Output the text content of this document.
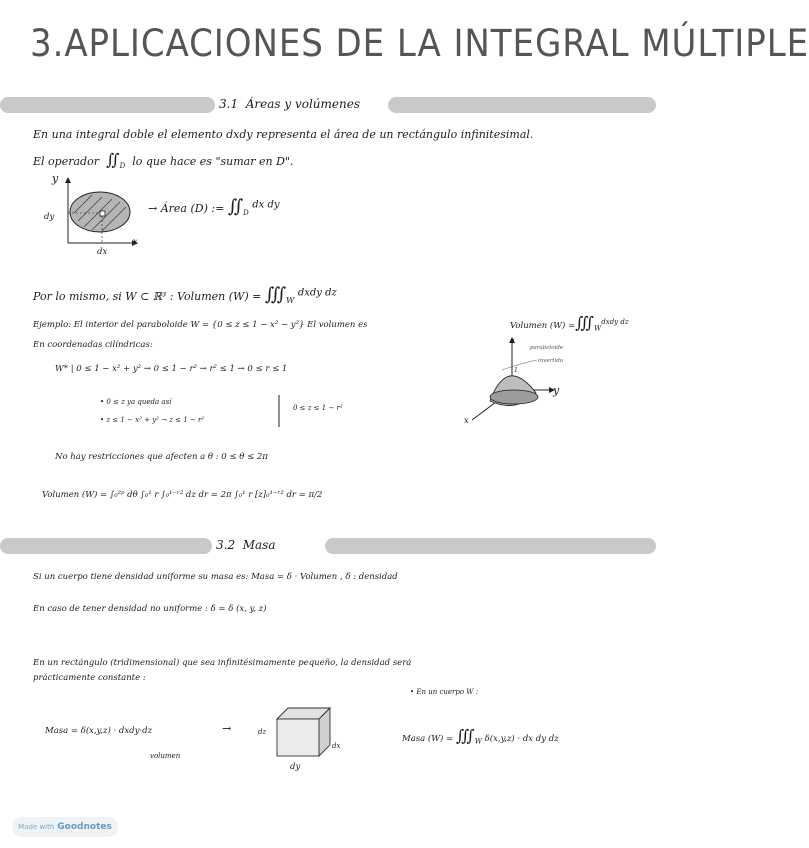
3.APLICACIONES DE LA INTEGRAL MÚLTIPLE
3.1 Áreas y volúmenes
En una integral doble el elemento dxdy representa el área de un rectángulo infinitesimal.
El operador $∬_D$ lo que hace es "sumar en D".
y
x
dy
dx
→ Área (D) := $∬_D$ $^{dx dy}$
Por lo mismo, si W ⊂ ℝ³ : Volumen $(W) = ∭_W$ $^{dxdy dz}$
Ejemplo: El interior del paraboloide W = {0 ≤ z ≤ 1 − x² − y²} El volumen es	Volumen $(W) =∭_W^{dxdy dz}$
En coordenadas cilíndricas:
W* | 0 ≤ 1 − x² + y² → 0 ≤ 1 − r² → r² ≤ 1 → 0 ≤ r ≤ 1
• 0 ≤ z ya queda así
• z ≤ 1 − x² + y² → z ≤ 1 − r²
0 ≤ z ≤ 1 − r²
z
y
x
paraboloide
invertido
1
No hay restricciones que afecten a θ : 0 ≤ θ ≤ 2π
Volumen (W) = ∫₀²ᵖ dθ ∫₀¹ r ∫₀¹⁻ʳ² dz dr = 2π ∫₀¹ r [z]₀¹⁻ʳ² dr = π/2
3.2 Masa
Si un cuerpo tiene densidad uniforme su masa es: Masa = δ · Volumen , δ : densidad
En caso de tener densidad no uniforme : δ = δ (x, y, z)
En un rectángulo (tridimensional) que sea infinitésimamente pequeño, la densidad será
prácticamente constante :
Masa = δ(x,y,z) · dxdy·dz
volumen
→	dz
dx
dy
• En un cuerpo W :
Masa $(W) = ∭_W$ δ(x,y,z) · dx dy dz
Made with Goodnotes
